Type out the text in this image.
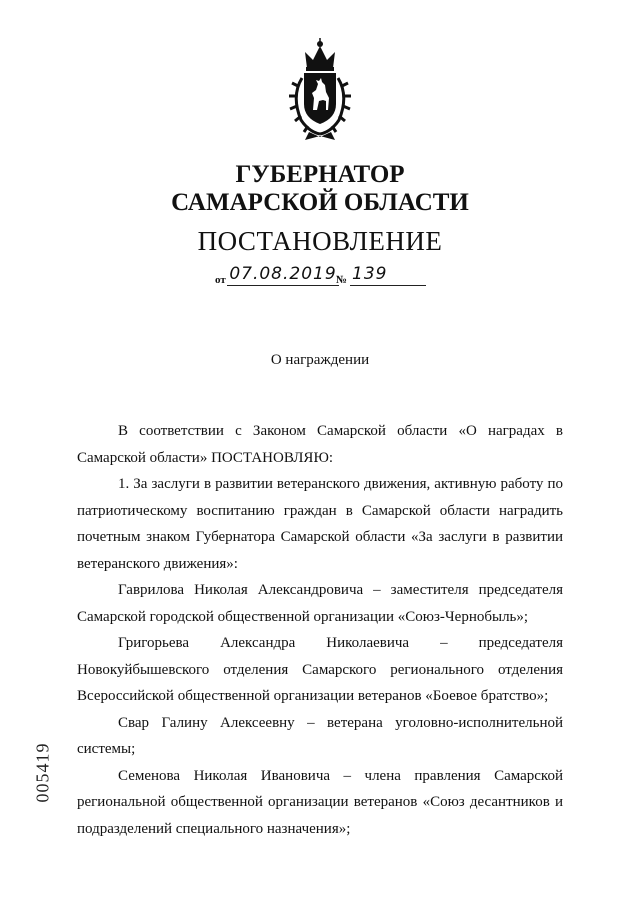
ГУБЕРНАТОР
САМАРСКОЙ ОБЛАСТИ
ПОСТАНОВЛЕНИЕ
от 07.08.2019 № 139
О награждении

В соответствии с Законом Самарской области «О наградах в Самарской области» ПОСТАНОВЛЯЮ:

1. За заслуги в развитии ветеранского движения, активную работу по патриотическому воспитанию граждан в Самарской области наградить почетным знаком Губернатора Самарской области «За заслуги в развитии ветеранского движения»:

Гаврилова Николая Александровича – заместителя председателя Самарской городской общественной организации «Союз-Чернобыль»;

Григорьева Александра Николаевича – председателя Новокуйбышевского отделения Самарского регионального отделения Всероссийской общественной организации ветеранов «Боевое братство»;

Свар Галину Алексеевну – ветерана уголовно-исполнительной системы;

Семенова Николая Ивановича – члена правления Самарской региональной общественной организации ветеранов «Союз десантников и подразделений специального назначения»;

005419
